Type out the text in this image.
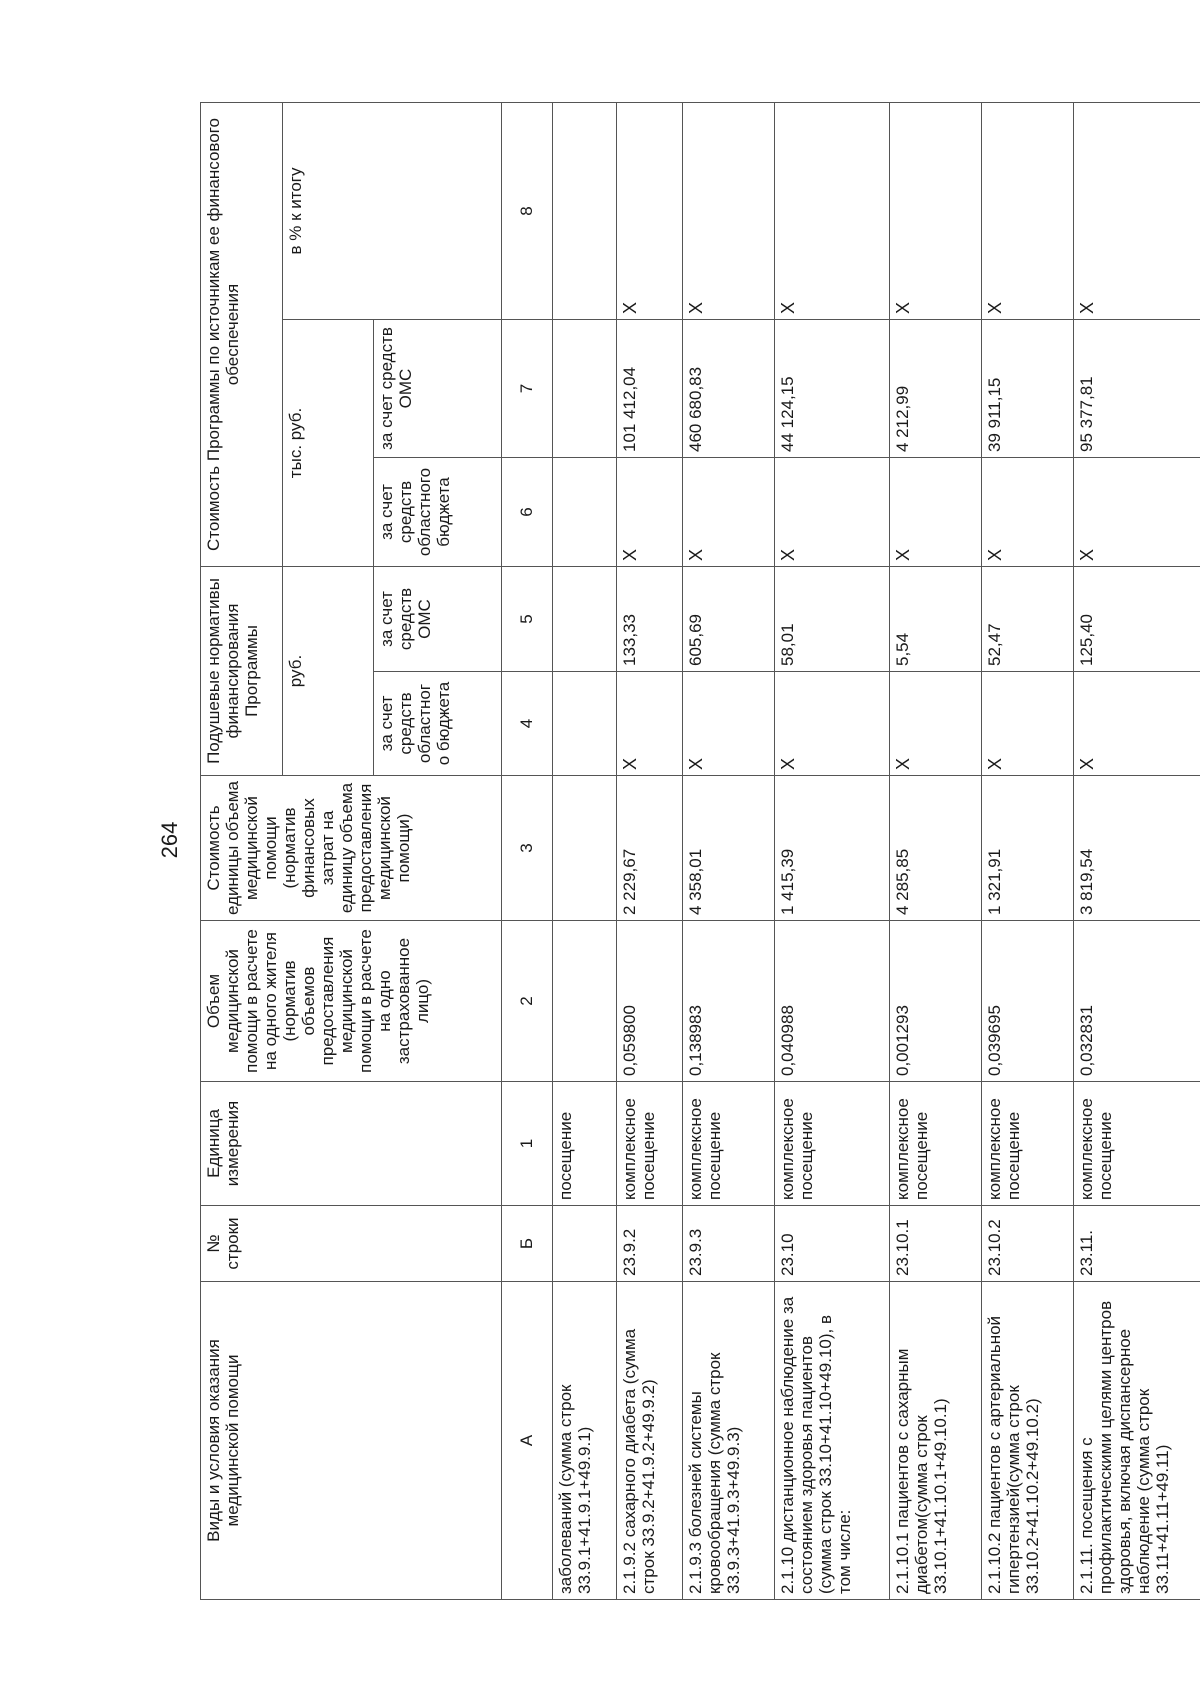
264
Виды и условия оказания медицинской помощи	№ строки	Единица измерения	Объем медицинской помощи в расчете на одного жителя (норматив объемов предоставления медицинской помощи в расчете на одно застрахованное лицо)	Стоимость единицы объема медицинской помощи (норматив финансовых затрат на единицу объема предоставления медицинской помощи)	Подушевые нормативы финансирования Программы		Стоимость Программы по источникам ее финансового обеспечения		
					руб.		тыс. руб.		в % к итогу
					за счет средств областног о бюджета	за счет средств ОМС	за счет средств областного бюджета	за счет средств ОМС	
А	Б	1	2	3	4	5	6	7	8
заболеваний (сумма строк 33.9.1+41.9.1+49.9.1)		посещение							
2.1.9.2 сахарного диабета (сумма строк 33.9.2+41.9.2+49.9.2)	23.9.2	комплексное посещение	0,059800	2 229,67	Х	133,33	Х	101 412,04	Х
2.1.9.3 болезней системы кровообращения (сумма строк 33.9.3+41.9.3+49.9.3)	23.9.3	комплексное посещение	0,138983	4 358,01	Х	605,69	Х	460 680,83	Х
2.1.10 дистанционное наблюдение за состоянием здоровья пациентов (сумма строк 33.10+41.10+49.10), в том числе:	23.10	комплексное посещение	0,040988	1 415,39	Х	58,01	Х	44 124,15	Х
2.1.10.1 пациентов с сахарным диабетом(сумма строк 33.10.1+41.10.1+49.10.1)	23.10.1	комплексное посещение	0,001293	4 285,85	Х	5,54	Х	4 212,99	Х
2.1.10.2 пациентов с артериальной гипертензией(сумма строк 33.10.2+41.10.2+49.10.2)	23.10.2	комплексное посещение	0,039695	1 321,91	Х	52,47	Х	39 911,15	Х
2.1.11. посещения с профилактическими целями центров здоровья, включая диспансерное наблюдение (сумма строк 33.11+41.11+49.11)	23.11.	комплексное посещение	0,032831	3 819,54	Х	125,40	Х	95 377,81	Х
